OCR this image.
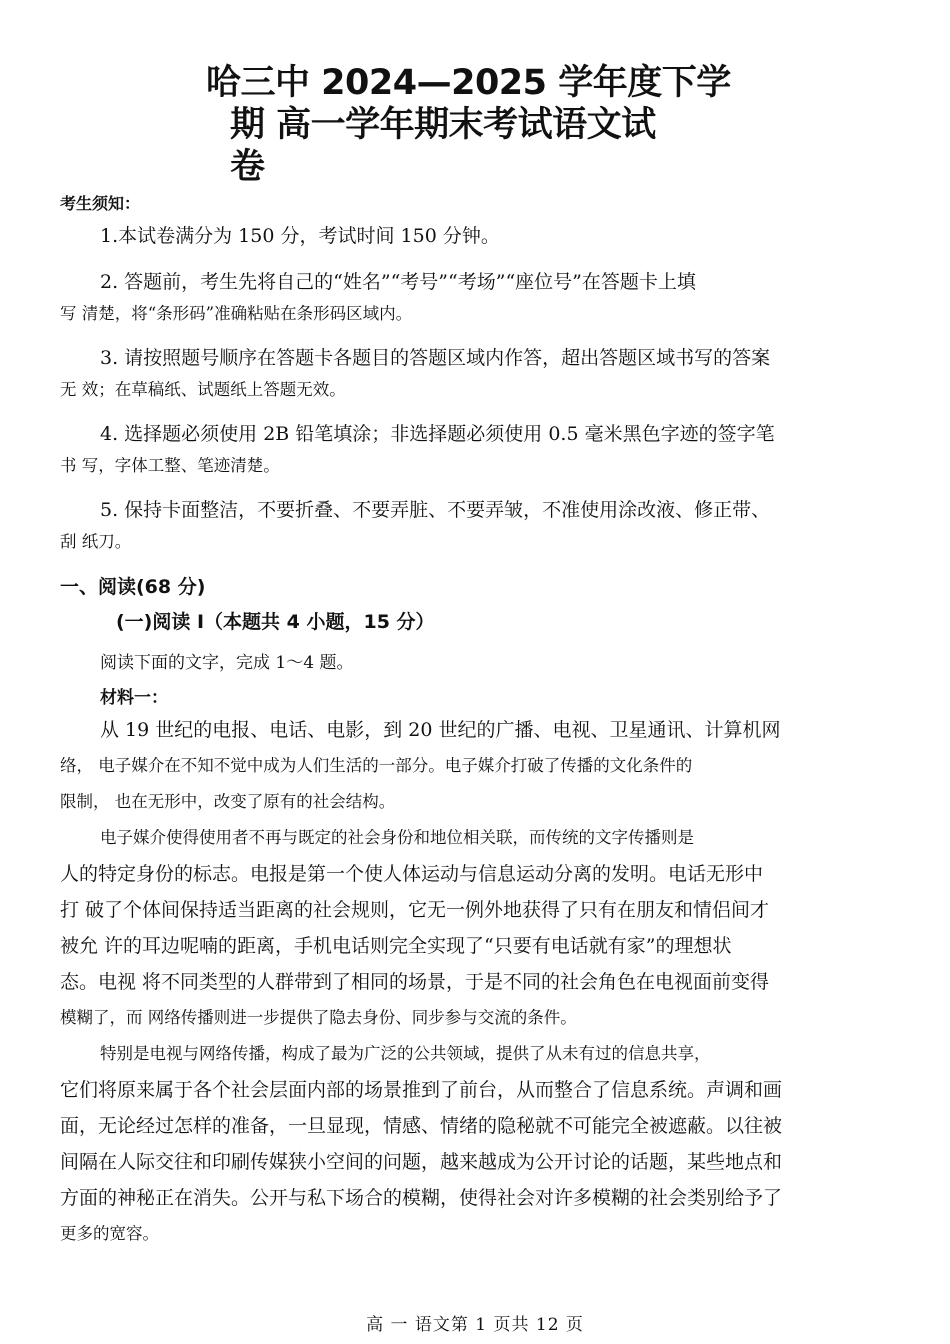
哈三中 2024—2025 学年度下学
期 高一学年期末考试语文试
卷
考生须知：
1.本试卷满分为 150 分，考试时间 150 分钟。
2. 答题前，考生先将自己的“姓名”“考号”“考场”“座位号”在答题卡上填
写 清楚，将“条形码”准确粘贴在条形码区域内。
3. 请按照题号顺序在答题卡各题目的答题区域内作答，超出答题区域书写的答案
无 效；在草稿纸、试题纸上答题无效。
4. 选择题必须使用 2B 铅笔填涂；非选择题必须使用 0.5 毫米黑色字迹的签字笔
书 写，字体工整、笔迹清楚。
5. 保持卡面整洁，不要折叠、不要弄脏、不要弄皱，不准使用涂改液、修正带、
刮 纸刀。
一、阅读(68 分)
(一)阅读 Ⅰ（本题共 4 小题，15 分）
阅读下面的文字，完成 1～4 题。
材料一：
从 19 世纪的电报、电话、电影，到 20 世纪的广播、电视、卫星通讯、计算机网
络， 电子媒介在不知不觉中成为人们生活的一部分。电子媒介打破了传播的文化条件的
限制， 也在无形中，改变了原有的社会结构。
电子媒介使得使用者不再与既定的社会身份和地位相关联，而传统的文字传播则是
人的特定身份的标志。电报是第一个使人体运动与信息运动分离的发明。电话无形中
打 破了个体间保持适当距离的社会规则，它无一例外地获得了只有在朋友和情侣间才
被允 许的耳边呢喃的距离，手机电话则完全实现了“只要有电话就有家”的理想状
态。电视 将不同类型的人群带到了相同的场景，于是不同的社会角色在电视面前变得
模糊了，而 网络传播则进一步提供了隐去身份、同步参与交流的条件。
特别是电视与网络传播，构成了最为广泛的公共领域，提供了从未有过的信息共享，
它们将原来属于各个社会层面内部的场景推到了前台，从而整合了信息系统。声调和画
面，无论经过怎样的准备，一旦显现，情感、情绪的隐秘就不可能完全被遮蔽。以往被
间隔在人际交往和印刷传媒狭小空间的问题，越来越成为公开讨论的话题，某些地点和
方面的神秘正在消失。公开与私下场合的模糊，使得社会对许多模糊的社会类别给予了
更多的宽容。
高 一 语文第 1 页共 12 页
